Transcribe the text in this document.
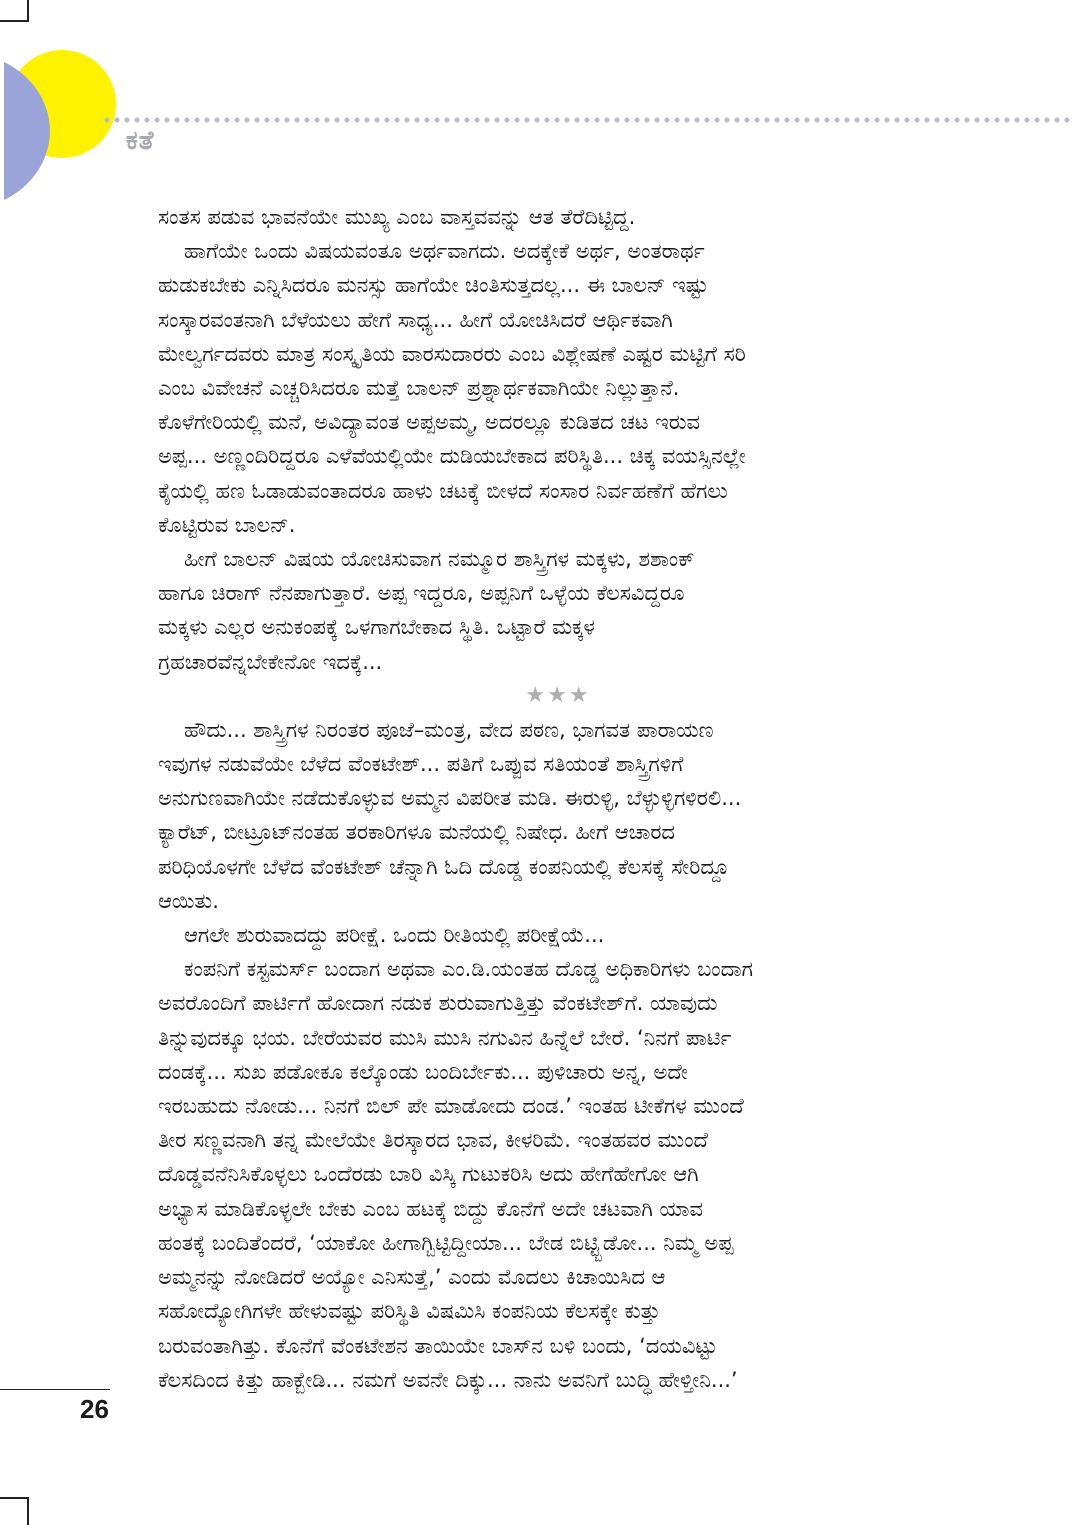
ಕತೆ
ಸಂತಸ ಪಡುವ ಭಾವನೆಯೇ ಮುಖ್ಯ ಎಂಬ ವಾಸ್ತವವನ್ನು ಆತ ತೆರೆದಿಟ್ಟಿದ್ದ.
ಹಾಗೆಯೇ ಒಂದು ವಿಷಯವಂತೂ ಅರ್ಥವಾಗದು. ಅದಕ್ಕೇಕೆ ಅರ್ಥ, ಅಂತರಾರ್ಥ
ಹುಡುಕಬೇಕು ಎನ್ನಿಸಿದರೂ ಮನಸ್ಸು ಹಾಗೆಯೇ ಚಿಂತಿಸುತ್ತದಲ್ಲ... ಈ ಬಾಲನ್ ಇಷ್ಟು
ಸಂಸ್ಕಾರವಂತನಾಗಿ ಬೆಳೆಯಲು ಹೇಗೆ ಸಾಧ್ಯ... ಹೀಗೆ ಯೋಚಿಸಿದರೆ ಆರ್ಥಿಕವಾಗಿ
ಮೇಲ್ವರ್ಗದವರು ಮಾತ್ರ ಸಂಸ್ಕೃತಿಯ ವಾರಸುದಾರರು ಎಂಬ ವಿಶ್ಲೇಷಣೆ ಎಷ್ಟರ ಮಟ್ಟಿಗೆ ಸರಿ
ಎಂಬ ವಿವೇಚನೆ ಎಚ್ಚರಿಸಿದರೂ ಮತ್ತೆ ಬಾಲನ್ ಪ್ರಶ್ನಾರ್ಥಕವಾಗಿಯೇ ನಿಲ್ಲುತ್ತಾನೆ.
ಕೊಳೆಗೇರಿಯಲ್ಲಿ ಮನೆ, ಅವಿದ್ಯಾವಂತ ಅಪ್ಪಅಮ್ಮ, ಅದರಲ್ಲೂ ಕುಡಿತದ ಚಟ ಇರುವ
ಅಪ್ಪ... ಅಣ್ಣಂದಿರಿದ್ದರೂ ಎಳೆವೆಯಲ್ಲಿಯೇ ದುಡಿಯಬೇಕಾದ ಪರಿಸ್ಥಿತಿ... ಚಿಕ್ಕ ವಯಸ್ಸಿನಲ್ಲೇ
ಕೈಯಲ್ಲಿ ಹಣ ಓಡಾಡುವಂತಾದರೂ ಹಾಳು ಚಟಕ್ಕೆ ಬೀಳದೆ ಸಂಸಾರ ನಿರ್ವಹಣೆಗೆ ಹೆಗಲು
ಕೊಟ್ಟಿರುವ ಬಾಲನ್.
ಹೀಗೆ ಬಾಲನ್ ವಿಷಯ ಯೋಚಿಸುವಾಗ ನಮ್ಮೂರ ಶಾಸ್ತ್ರಿಗಳ ಮಕ್ಕಳು, ಶಶಾಂಕ್
ಹಾಗೂ ಚಿರಾಗ್ ನೆನಪಾಗುತ್ತಾರೆ. ಅಪ್ಪ ಇದ್ದರೂ, ಅಪ್ಪನಿಗೆ ಒಳ್ಳೆಯ ಕೆಲಸವಿದ್ದರೂ
ಮಕ್ಕಳು ಎಲ್ಲರ ಅನುಕಂಪಕ್ಕೆ ಒಳಗಾಗಬೇಕಾದ ಸ್ಥಿತಿ. ಒಟ್ಟಾರೆ ಮಕ್ಕಳ
ಗ್ರಹಚಾರವೆನ್ನಬೇಕೇನೋ ಇದಕ್ಕೆ...
★★★
ಹೌದು... ಶಾಸ್ತ್ರಿಗಳ ನಿರಂತರ ಪೂಜೆ–ಮಂತ್ರ, ವೇದ ಪಠಣ, ಭಾಗವತ ಪಾರಾಯಣ
ಇವುಗಳ ನಡುವೆಯೇ ಬೆಳೆದ ವೆಂಕಟೇಶ್... ಪತಿಗೆ ಒಪ್ಪುವ ಸತಿಯಂತೆ ಶಾಸ್ತ್ರಿಗಳಿಗೆ
ಅನುಗುಣವಾಗಿಯೇ ನಡೆದುಕೊಳ್ಳುವ ಅಮ್ಮನ ವಿಪರೀತ ಮಡಿ. ಈರುಳ್ಳಿ, ಬೆಳ್ಳುಳ್ಳಿಗಳಿರಲಿ...
ಕ್ಯಾರೆಟ್, ಬೀಟ್ರೂಟ್‌ನಂತಹ ತರಕಾರಿಗಳೂ ಮನೆಯಲ್ಲಿ ನಿಷೇಧ. ಹೀಗೆ ಆಚಾರದ
ಪರಿಧಿಯೊಳಗೇ ಬೆಳೆದ ವೆಂಕಟೇಶ್ ಚೆನ್ನಾಗಿ ಓದಿ ದೊಡ್ಡ ಕಂಪನಿಯಲ್ಲಿ ಕೆಲಸಕ್ಕೆ ಸೇರಿದ್ದೂ
ಆಯಿತು.
ಆಗಲೇ ಶುರುವಾದದ್ದು ಪರೀಕ್ಷೆ. ಒಂದು ರೀತಿಯಲ್ಲಿ ಪರೀಕ್ಷೆಯೆ...
ಕಂಪನಿಗೆ ಕಸ್ಟಮರ್ಸ್ ಬಂದಾಗ ಅಥವಾ ಎಂ.ಡಿ.ಯಂತಹ ದೊಡ್ಡ ಅಧಿಕಾರಿಗಳು ಬಂದಾಗ
ಅವರೊಂದಿಗೆ ಪಾರ್ಟಿಗೆ ಹೋದಾಗ ನಡುಕ ಶುರುವಾಗುತ್ತಿತ್ತು ವೆಂಕಟೇಶ್‌ಗೆ. ಯಾವುದು
ತಿನ್ನುವುದಕ್ಕೂ ಭಯ. ಬೇರೆಯವರ ಮುಸಿ ಮುಸಿ ನಗುವಿನ ಹಿನ್ನೆಲೆ ಬೇರೆ. ‘ನಿನಗೆ ಪಾರ್ಟಿ
ದಂಡಕ್ಕೆ... ಸುಖ ಪಡೋಕೂ ಕಲ್ಕೊಂಡು ಬಂದಿರ್ಬೇಕು... ಪುಳಿಚಾರು ಅನ್ನ, ಅದೇ
ಇರಬಹುದು ನೋಡು... ನಿನಗೆ ಬಿಲ್ ಪೇ ಮಾಡೋದು ದಂಡ.’ ಇಂತಹ ಟೀಕೆಗಳ ಮುಂದೆ
ತೀರ ಸಣ್ಣವನಾಗಿ ತನ್ನ ಮೇಲೆಯೇ ತಿರಸ್ಕಾರದ ಭಾವ, ಕೀಳರಿಮೆ. ಇಂತಹವರ ಮುಂದೆ
ದೊಡ್ಡವನೆನಿಸಿಕೊಳ್ಳಲು ಒಂದೆರಡು ಬಾರಿ ವಿಸ್ಕಿ ಗುಟುಕರಿಸಿ ಅದು ಹೇಗೆಹೇಗೋ ಆಗಿ
ಅಭ್ಯಾಸ ಮಾಡಿಕೊಳ್ಳಲೇ ಬೇಕು ಎಂಬ ಹಟಕ್ಕೆ ಬಿದ್ದು ಕೊನೆಗೆ ಅದೇ ಚಟವಾಗಿ ಯಾವ
ಹಂತಕ್ಕೆ ಬಂದಿತೆಂದರೆ, ‘ಯಾಕೋ ಹೀಗಾಗ್ಬಿಟ್ಟಿದ್ದೀಯಾ... ಬೇಡ ಬಿಟ್ಟ್ಬಿಡೋ... ನಿಮ್ಮ ಅಪ್ಪ
ಅಮ್ಮನನ್ನು ನೋಡಿದರೆ ಅಯ್ಯೋ ಎನಿಸುತ್ತೆ,’ ಎಂದು ಮೊದಲು ಕಿಚಾಯಿಸಿದ ಆ
ಸಹೋದ್ಯೋಗಿಗಳೇ ಹೇಳುವಷ್ಟು ಪರಿಸ್ಥಿತಿ ವಿಷಮಿಸಿ ಕಂಪನಿಯ ಕೆಲಸಕ್ಕೇ ಕುತ್ತು
ಬರುವಂತಾಗಿತ್ತು. ಕೊನೆಗೆ ವೆಂಕಟೇಶನ ತಾಯಿಯೇ ಬಾಸ್‌ನ ಬಳಿ ಬಂದು, ‘ದಯವಿಟ್ಟು
ಕೆಲಸದಿಂದ ಕಿತ್ತು ಹಾಕ್ಬೇಡಿ... ನಮಗೆ ಅವನೇ ದಿಕ್ಕು... ನಾನು ಅವನಿಗೆ ಬುದ್ಧಿ ಹೇಳ್ತೀನಿ...’
26
